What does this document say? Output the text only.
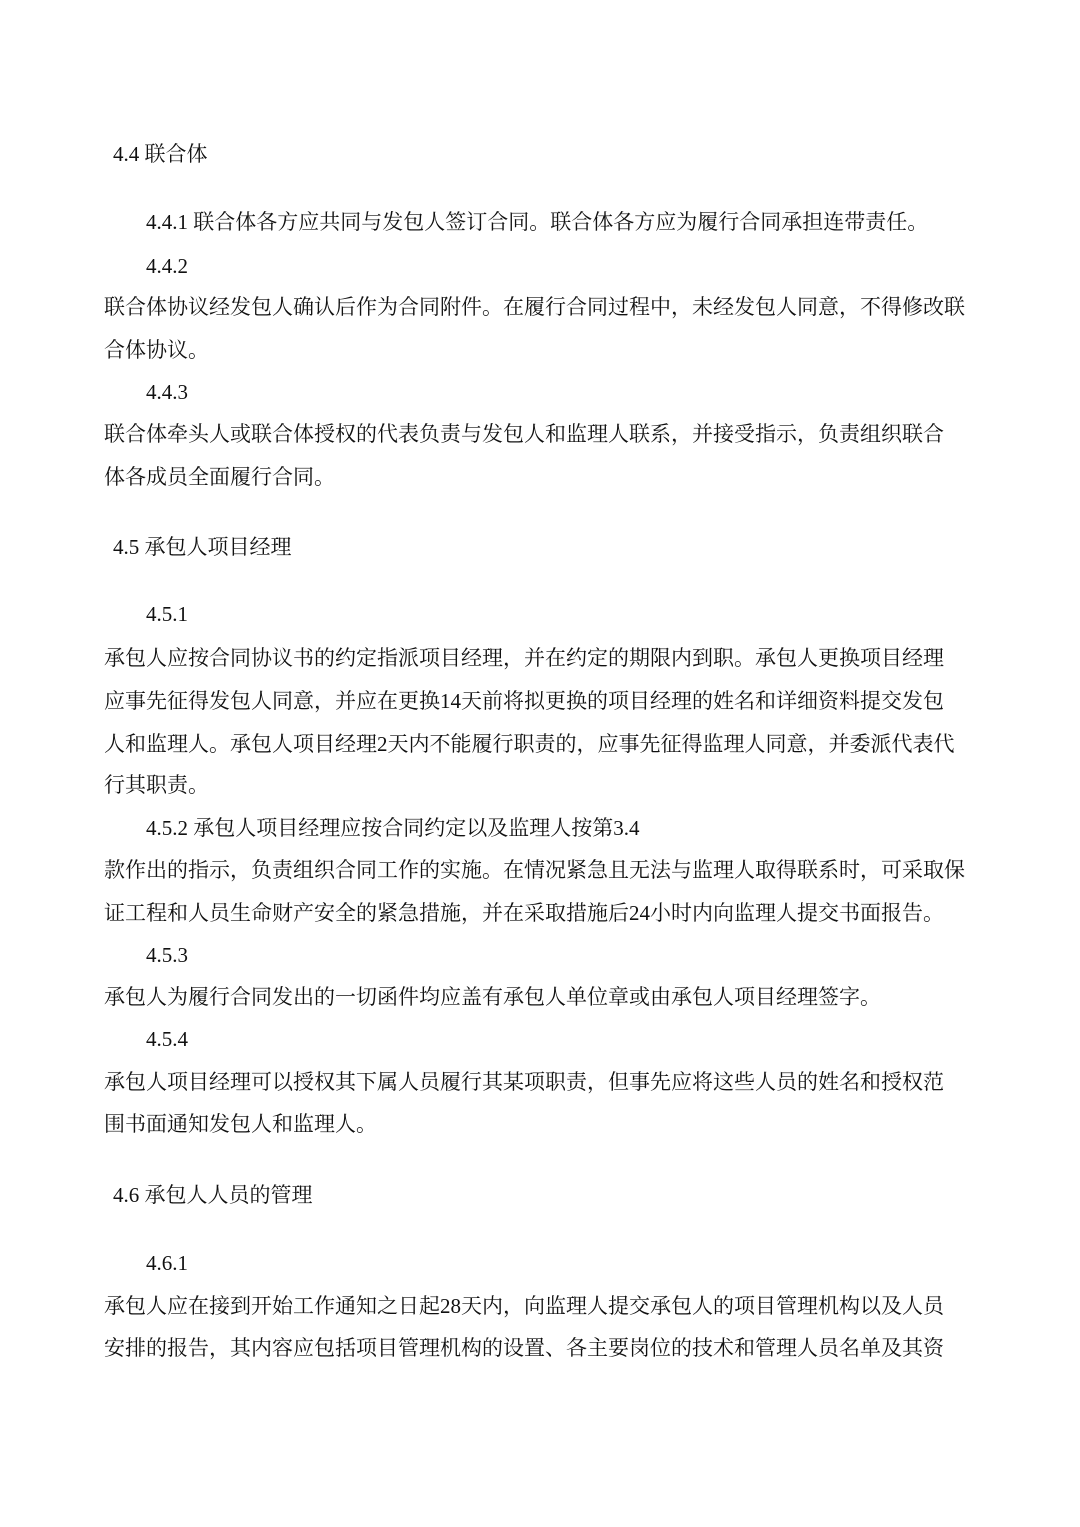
4.4 联合体

4.4.1 联合体各方应共同与发包人签订合同。联合体各方应为履行合同承担连带责任。

4.4.2

联合体协议经发包人确认后作为合同附件。在履行合同过程中，未经发包人同意，不得修改联

合体协议。

4.4.3

联合体牵头人或联合体授权的代表负责与发包人和监理人联系，并接受指示，负责组织联合

体各成员全面履行合同。

4.5 承包人项目经理

4.5.1

承包人应按合同协议书的约定指派项目经理，并在约定的期限内到职。承包人更换项目经理

应事先征得发包人同意，并应在更换14天前将拟更换的项目经理的姓名和详细资料提交发包

人和监理人。承包人项目经理2天内不能履行职责的，应事先征得监理人同意，并委派代表代

行其职责。

4.5.2 承包人项目经理应按合同约定以及监理人按第3.4

款作出的指示，负责组织合同工作的实施。在情况紧急且无法与监理人取得联系时，可采取保

证工程和人员生命财产安全的紧急措施，并在采取措施后24小时内向监理人提交书面报告。

4.5.3

承包人为履行合同发出的一切函件均应盖有承包人单位章或由承包人项目经理签字。

4.5.4

承包人项目经理可以授权其下属人员履行其某项职责，但事先应将这些人员的姓名和授权范

围书面通知发包人和监理人。

4.6 承包人人员的管理

4.6.1

承包人应在接到开始工作通知之日起28天内，向监理人提交承包人的项目管理机构以及人员

安排的报告，其内容应包括项目管理机构的设置、各主要岗位的技术和管理人员名单及其资
